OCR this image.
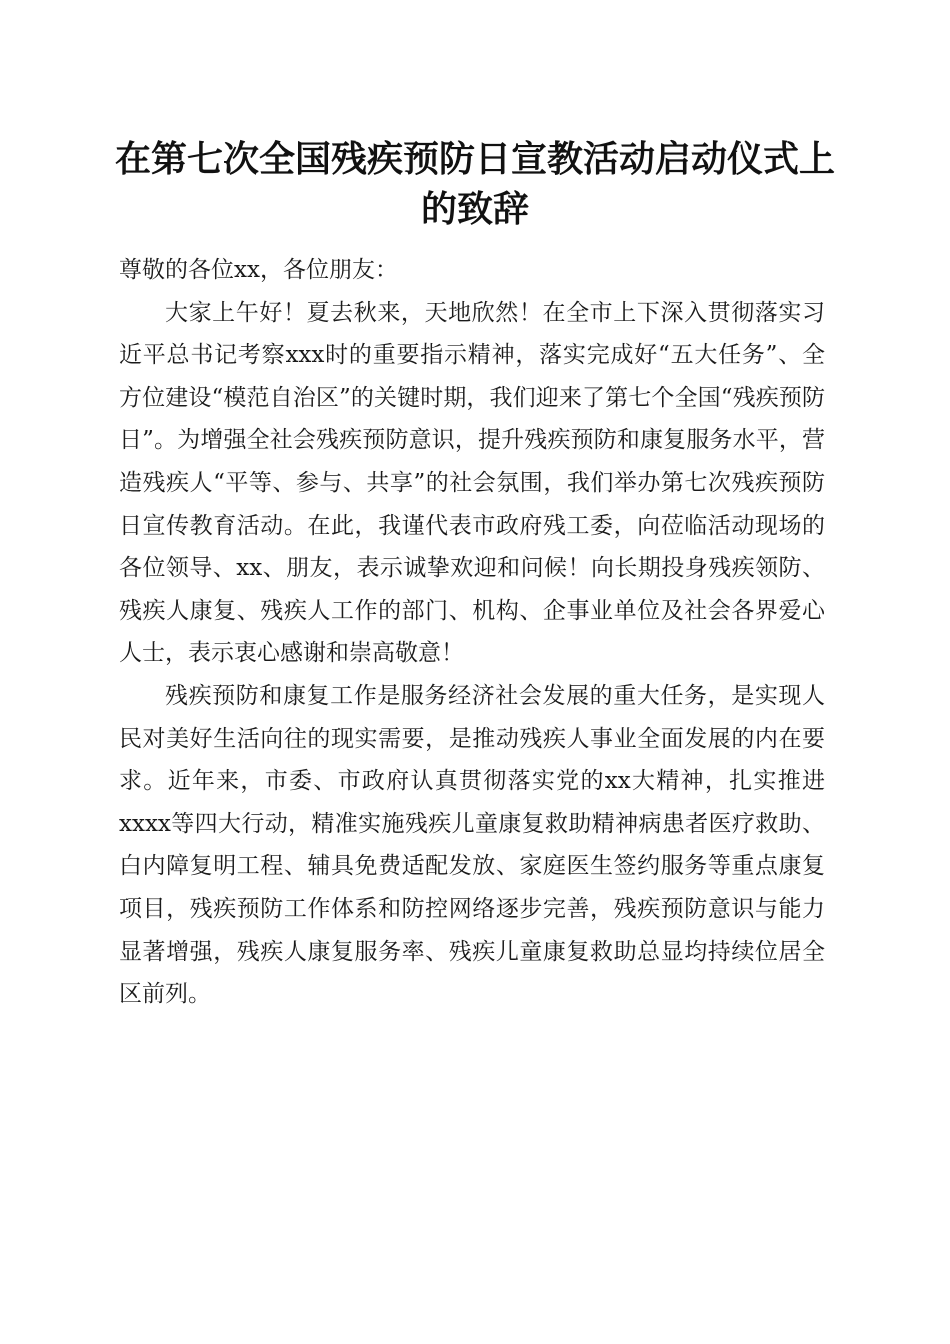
在第七次全国残疾预防日宣教活动启动仪式上的致辞

尊敬的各位xx，各位朋友：

大家上午好！夏去秋来，天地欣然！在全市上下深入贯彻落实习近平总书记考察xxx时的重要指示精神，落实完成好“五大任务”、全方位建设“模范自治区”的关键时期，我们迎来了第七个全国“残疾预防日”。为增强全社会残疾预防意识，提升残疾预防和康复服务水平，营造残疾人“平等、参与、共享”的社会氛围，我们举办第七次残疾预防日宣传教育活动。在此，我谨代表市政府残工委，向莅临活动现场的各位领导、xx、朋友，表示诚挚欢迎和问候！向长期投身残疾领防、残疾人康复、残疾人工作的部门、机构、企事业单位及社会各界爱心人士，表示衷心感谢和崇高敬意！

残疾预防和康复工作是服务经济社会发展的重大任务，是实现人民对美好生活向往的现实需要，是推动残疾人事业全面发展的内在要求。近年来，市委、市政府认真贯彻落实党的xx大精神，扎实推进xxxx等四大行动，精准实施残疾儿童康复救助精神病患者医疗救助、白内障复明工程、辅具免费适配发放、家庭医生签约服务等重点康复项目，残疾预防工作体系和防控网络逐步完善，残疾预防意识与能力显著增强，残疾人康复服务率、残疾儿童康复救助总显均持续位居全区前列。
